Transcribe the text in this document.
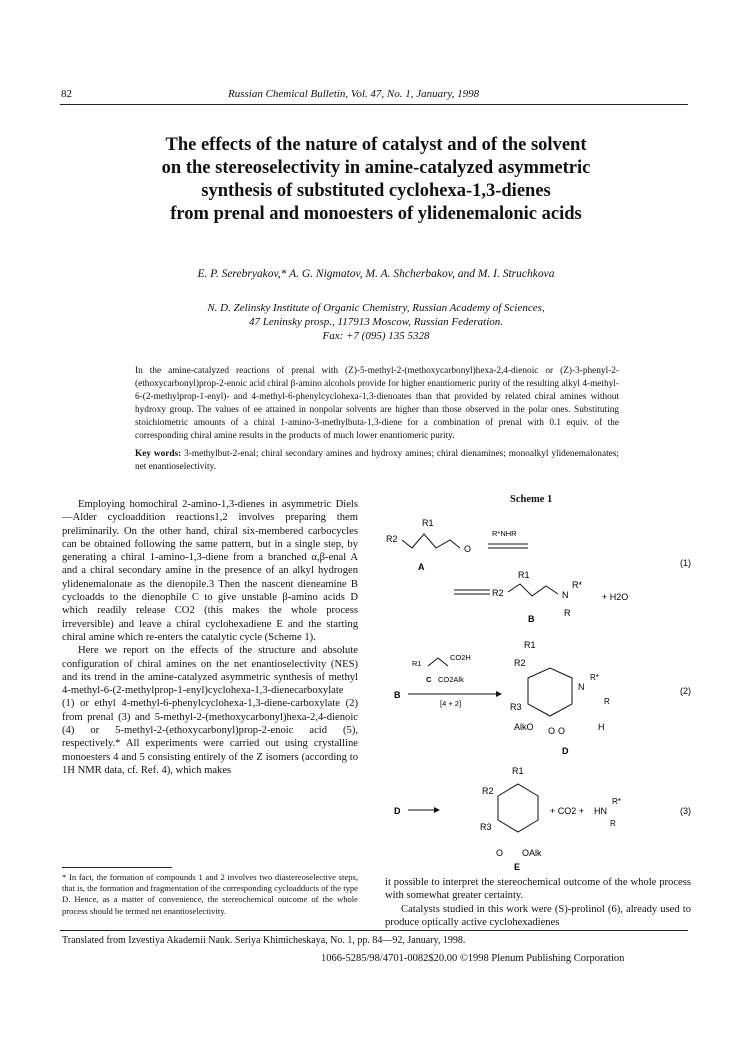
82	Russian Chemical Bulletin, Vol. 47, No. 1, January, 1998
The effects of the nature of catalyst and of the solvent
on the stereoselectivity in amine-catalyzed asymmetric
synthesis of substituted cyclohexa-1,3-dienes
from prenal and monoesters of ylidenemalonic acids
E. P. Serebryakov,* A. G. Nigmatov, M. A. Shcherbakov, and M. I. Struchkova
N. D. Zelinsky Institute of Organic Chemistry, Russian Academy of Sciences,
47 Leninsky prosp., 117913 Moscow, Russian Federation.
Fax: +7 (095) 135 5328
In the amine-catalyzed reactions of prenal with (Z)-5-methyl-2-(methoxycarbonyl)hexa-2,4-dienoic or (Z)-3-phenyl-2-(ethoxycarbonyl)prop-2-enoic acid chiral β-amino alcohols provide for higher enantiomeric purity of the resulting alkyl 4-methyl-6-(2-methylprop-1-enyl)- and 4-methyl-6-phenylcyclohexa-1,3-dienoates than that provided by related chiral amines without hydroxy group. The values of ee attained in nonpolar solvents are higher than those observed in the polar ones. Substituting stoichiometric amounts of a chiral 1-amino-3-methylbuta-1,3-diene for a combination of prenal with 0.1 equiv. of the corresponding chiral amine results in the products of much lower enantiomeric purity.
Key words: 3-methylbut-2-enal; chiral secondary amines and hydroxy amines; chiral dienamines; monoalkyl ylidenemalonates; net enantioselectivity.

Employing homochiral 2-amino-1,3-dienes in asymmetric Diels—Alder cycloaddition reactions1,2 involves preparing them preliminarily. On the other hand, chiral six-membered carbocycles can be obtained following the same pattern, but in a single step, by generating a chiral 1-amino-1,3-diene from a branched α,β-enal A and a chiral secondary amine in the presence of an alkyl hydrogen ylidenemalonate as the dienopile.3 Then the nascent dieneamine B cycloadds to the dienophile C to give unstable β-amino acids D which readily release CO2 (this makes the whole process irreversible) and leave a chiral cyclohexadiene E and the starting chiral amine which re-enters the catalytic cycle (Scheme 1).

Here we report on the effects of the structure and absolute configuration of chiral amines on the net enantioselectivity (NES) and its trend in the amine-catalyzed asymmetric synthesis of methyl 4-methyl-6-(2-methylprop-1-enyl)cyclohexa-1,3-dienecarboxylate (1) or ethyl 4-methyl-6-phenylcyclohexa-1,3-diene-carboxylate (2) from prenal (3) and 5-methyl-2-(methoxycarbonyl)hexa-2,4-dienoic (4) or 5-methyl-2-(ethoxycarbonyl)prop-2-enoic acid (5), respectively.* All experiments were carried out using crystalline monoesters 4 and 5 consisting entirely of the Z isomers (according to 1H NMR data, cf. Ref. 4), which makes

* In fact, the formation of compounds 1 and 2 involves two diastereoselective steps, that is, the formation and fragmentation of the corresponding cycloadducts of the type D. Hence, as a matter of convenience, the stereochemical outcome of the whole process should be termed net enantioselectivity.
Scheme 1
R1
R2
O
A
R*NHR
(1)
R1
R2	N
R*
R
+ H2O
B
R1
R1
CO2H
C CO2Alk
B
[4 + 2]
R2
R3
N
R*
R
AlkO O O	H
(2)
D
R1
R2
R3
D	+ CO2 + HN
R*
R
(3)
O OAlk
E
it possible to interpret the stereochemical outcome of the whole process with somewhat greater certainty.

Catalysts studied in this work were (S)-prolinol (6), already used to produce optically active cyclohexadienes

Translated from Izvestiya Akademii Nauk. Seriya Khimicheskaya, No. 1, pp. 84—92, January, 1998.
1066-5285/98/4701-0082$20.00 ©1998 Plenum Publishing Corporation
